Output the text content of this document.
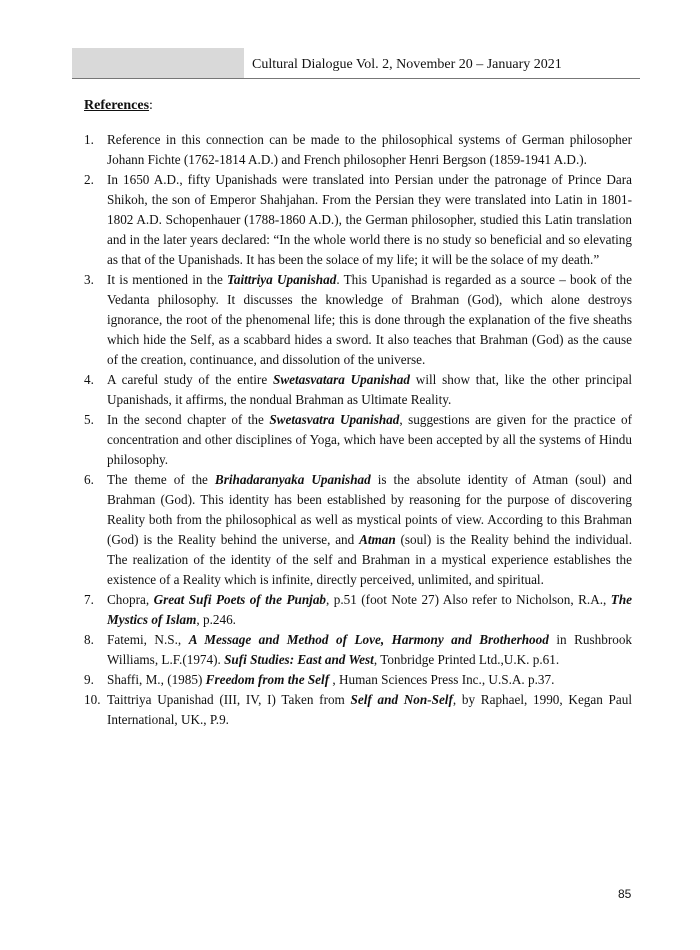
Cultural Dialogue Vol. 2, November 20 – January 2021
References:
1. Reference in this connection can be made to the philosophical systems of German philosopher Johann Fichte (1762-1814 A.D.) and French philosopher Henri Bergson (1859-1941 A.D.).
2. In 1650 A.D., fifty Upanishads were translated into Persian under the patronage of Prince Dara Shikoh, the son of Emperor Shahjahan. From the Persian they were translated into Latin in 1801-1802 A.D. Schopenhauer (1788-1860 A.D.), the German philosopher, studied this Latin translation and in the later years declared: “In the whole world there is no study so beneficial and so elevating as that of the Upanishads. It has been the solace of my life; it will be the solace of my death.”
3. It is mentioned in the Taittriya Upanishad. This Upanishad is regarded as a source – book of the Vedanta philosophy. It discusses the knowledge of Brahman (God), which alone destroys ignorance, the root of the phenomenal life; this is done through the explanation of the five sheaths which hide the Self, as a scabbard hides a sword. It also teaches that Brahman (God) as the cause of the creation, continuance, and dissolution of the universe.
4. A careful study of the entire Swetasvatara Upanishad will show that, like the other principal Upanishads, it affirms, the nondual Brahman as Ultimate Reality.
5. In the second chapter of the Swetasvatra Upanishad, suggestions are given for the practice of concentration and other disciplines of Yoga, which have been accepted by all the systems of Hindu philosophy.
6. The theme of the Brihadaranyaka Upanishad is the absolute identity of Atman (soul) and Brahman (God). This identity has been established by reasoning for the purpose of discovering Reality both from the philosophical as well as mystical points of view. According to this Brahman (God) is the Reality behind the universe, and Atman (soul) is the Reality behind the individual. The realization of the identity of the self and Brahman in a mystical experience establishes the existence of a Reality which is infinite, directly perceived, unlimited, and spiritual.
7. Chopra, Great Sufi Poets of the Punjab, p.51 (foot Note 27) Also refer to Nicholson, R.A., The Mystics of Islam, p.246.
8. Fatemi, N.S., A Message and Method of Love, Harmony and Brotherhood in Rushbrook Williams, L.F.(1974). Sufi Studies: East and West, Tonbridge Printed Ltd.,U.K. p.61.
9. Shaffi, M., (1985) Freedom from the Self , Human Sciences Press Inc., U.S.A. p.37.
10. Taittriya Upanishad (III, IV, I) Taken from Self and Non-Self, by Raphael, 1990, Kegan Paul International, UK., P.9.
85
